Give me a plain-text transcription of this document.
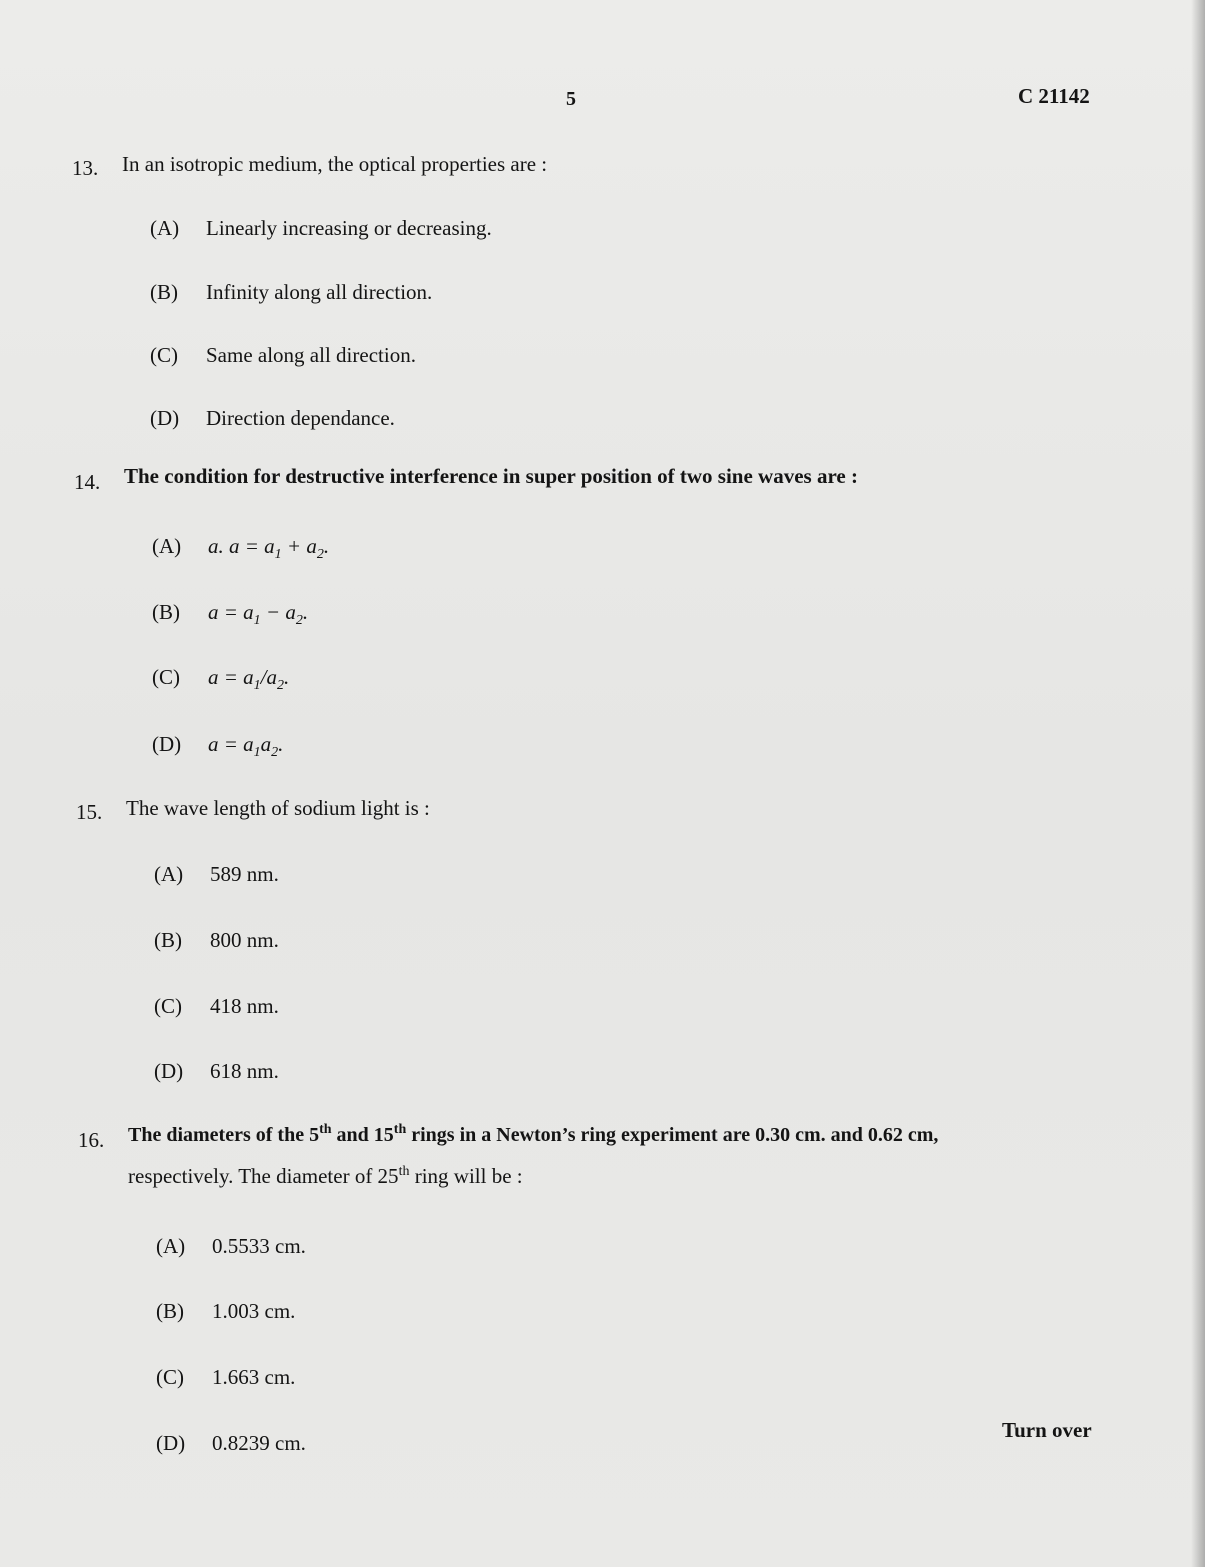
5	C 21142
13. In an isotropic medium, the optical properties are :
(A) Linearly increasing or decreasing.
(B) Infinity along all direction.
(C) Same along all direction.
(D) Direction dependance.
14. The condition for destructive interference in super position of two sine waves are :
(A) a. $a = a_1 + a_2$.
(B) $a = a_1 - a_2$.
(C) $a = a_1/a_2$.
(D) $a = a_1a_2$.
15. The wave length of sodium light is :
(A) 589 nm.
(B) 800 nm.
(C) 418 nm.
(D) 618 nm.
16. The diameters of the 5th and 15th rings in a Newton’s ring experiment are 0.30 cm. and 0.62 cm,
respectively. The diameter of 25th ring will be :
(A) 0.5533 cm.
(B) 1.003 cm.
(C) 1.663 cm.
(D) 0.8239 cm.
Turn over
